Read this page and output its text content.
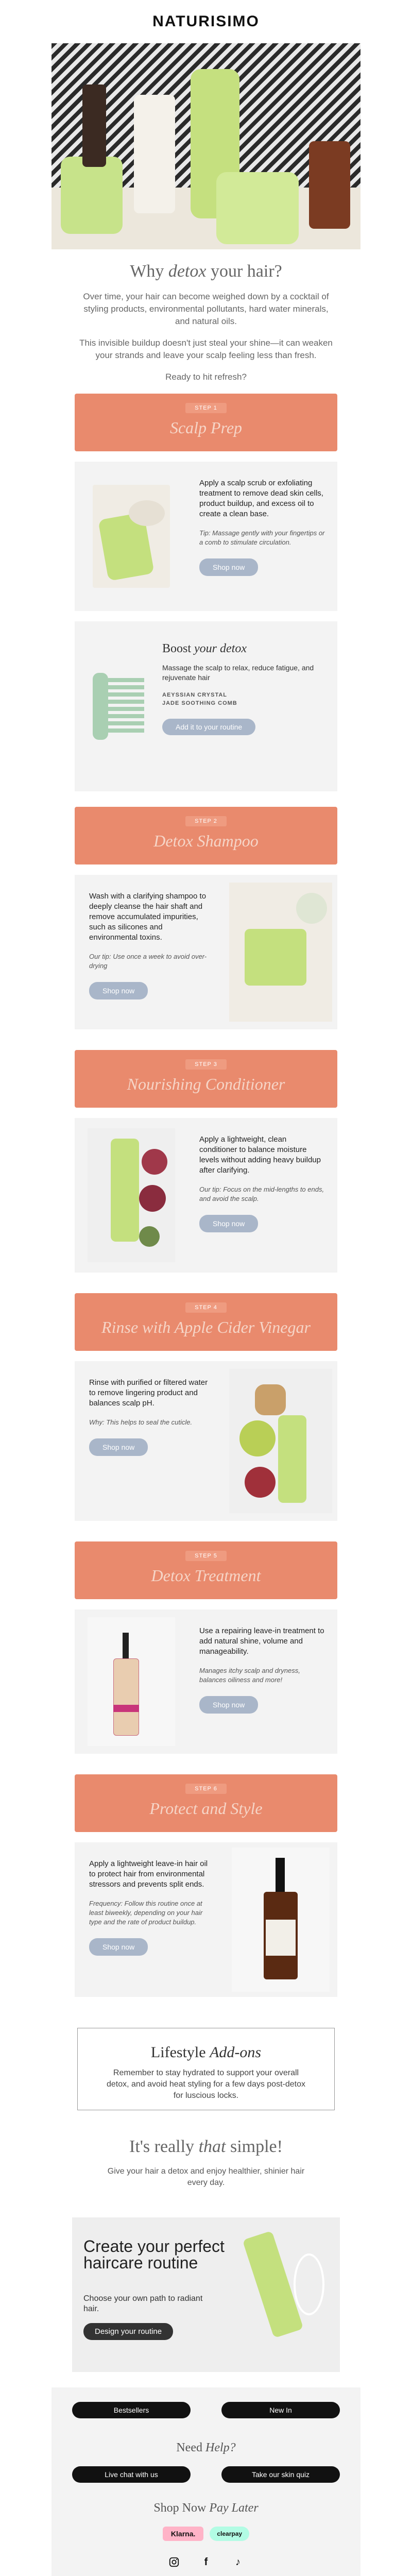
NATURISIMO
Why detox your hair?

Over time, your hair can become weighed down by a cocktail of styling products, environmental pollutants, hard water minerals, and natural oils.

This invisible buildup doesn't just steal your shine—it can weaken your strands and leave your scalp feeling less than fresh.

Ready to hit refresh?

STEP 1
Scalp Prep
Apply a scalp scrub or exfoliating treatment to remove dead skin cells, product buildup, and excess oil to create a clean base.
Tip: Massage gently with your fingertips or a comb to stimulate circulation.
Shop now
Boost your detox

Massage the scalp to relax, reduce fatigue, and rejuvenate hair

AEYSSIAN CRYSTAL
JADE SOOTHING COMB
Add it to your routine
STEP 2
Detox Shampoo
Wash with a clarifying shampoo to deeply cleanse the hair shaft and remove accumulated impurities, such as silicones and environmental toxins.
Our tip: Use once a week to avoid over-drying
Shop now
STEP 3
Nourishing Conditioner
Apply a lightweight, clean conditioner to balance moisture levels without adding heavy buildup after clarifying.
Our tip: Focus on the mid-lengths to ends, and avoid the scalp.
Shop now
STEP 4
Rinse with Apple Cider Vinegar
Rinse with purified or filtered water to remove lingering product and balances scalp pH.
Why: This helps to seal the cuticle.
Shop now
STEP 5
Detox Treatment
Use a repairing leave-in treatment to add natural shine, volume and manageability.
Manages itchy scalp and dryness, balances oiliness and more!
Shop now
STEP 6
Protect and Style
Apply a lightweight leave-in hair oil to protect hair from environmental stressors and prevents split ends.
Frequency: Follow this routine once at least biweekly, depending on your hair type and the rate of product buildup.
Shop now
Lifestyle Add-ons

Remember to stay hydrated to support your overall detox, and avoid heat styling for a few days post-detox for luscious locks.

It's really that simple!

Give your hair a detox and enjoy healthier, shinier hair every day.

Create your perfect haircare routine

Choose your own path to radiant hair.

Design your routine
Bestsellers	New In
Need Help?
Live chat with us	Take our skin quiz
Shop Now Pay Later
Klarna.	clearpay
f	♪
